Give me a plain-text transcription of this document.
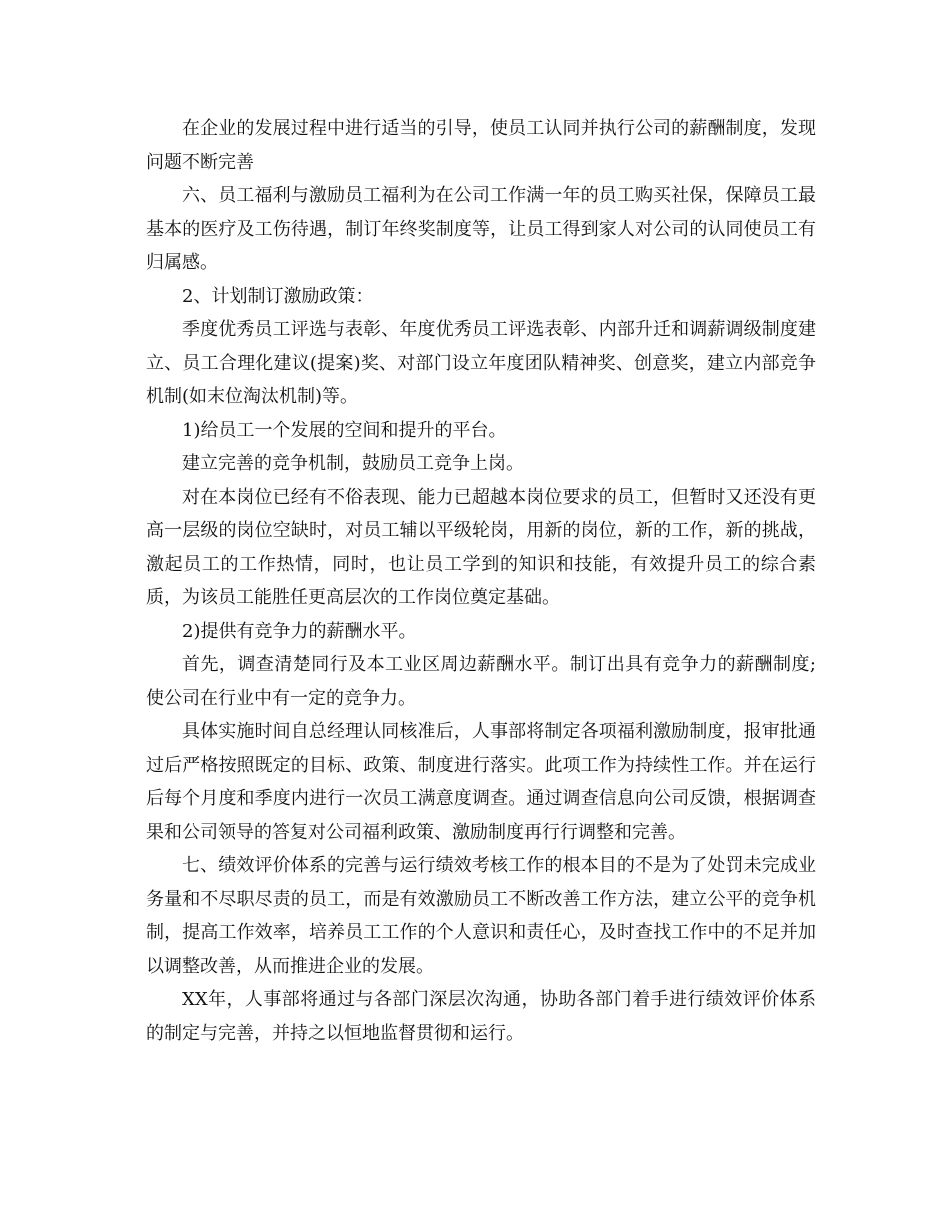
在企业的发展过程中进行适当的引导，使员工认同并执行公司的薪酬制度，发现问题不断完善

六、员工福利与激励员工福利为在公司工作满一年的员工购买社保，保障员工最基本的医疗及工伤待遇，制订年终奖制度等，让员工得到家人对公司的认同使员工有归属感。

2、计划制订激励政策：

季度优秀员工评选与表彰、年度优秀员工评选表彰、内部升迁和调薪调级制度建立、员工合理化建议(提案)奖、对部门设立年度团队精神奖、创意奖，建立内部竞争机制(如末位淘汰机制)等。

1)给员工一个发展的空间和提升的平台。

建立完善的竞争机制，鼓励员工竞争上岗。

对在本岗位已经有不俗表现、能力已超越本岗位要求的员工，但暂时又还没有更高一层级的岗位空缺时，对员工辅以平级轮岗，用新的岗位，新的工作，新的挑战，激起员工的工作热情，同时，也让员工学到的知识和技能，有效提升员工的综合素质，为该员工能胜任更高层次的工作岗位奠定基础。

2)提供有竞争力的薪酬水平。

首先，调查清楚同行及本工业区周边薪酬水平。制订出具有竞争力的薪酬制度;使公司在行业中有一定的竞争力。

具体实施时间自总经理认同核准后，人事部将制定各项福利激励制度，报审批通过后严格按照既定的目标、政策、制度进行落实。此项工作为持续性工作。并在运行后每个月度和季度内进行一次员工满意度调查。通过调查信息向公司反馈，根据调查果和公司领导的答复对公司福利政策、激励制度再行行调整和完善。

七、绩效评价体系的完善与运行绩效考核工作的根本目的不是为了处罚未完成业务量和不尽职尽责的员工，而是有效激励员工不断改善工作方法，建立公平的竞争机制，提高工作效率，培养员工工作的个人意识和责任心，及时查找工作中的不足并加以调整改善，从而推进企业的发展。

XX年，人事部将通过与各部门深层次沟通，协助各部门着手进行绩效评价体系的制定与完善，并持之以恒地监督贯彻和运行。
